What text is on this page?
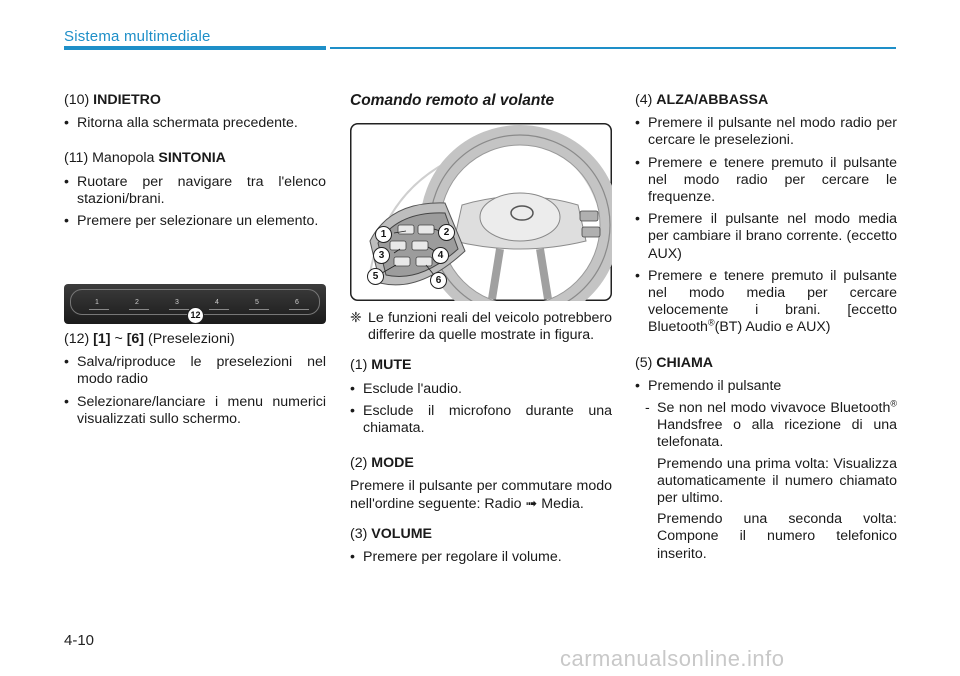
Sistema multimediale

(10) INDIETRO

• Ritorna alla schermata precedente.

(11) Manopola SINTONIA

• Ruotare per navigare tra l'elenco stazioni/brani.
• Premere per selezionare un elemento.
1	2	3	4	5	6
12

(12) [1] ~ [6] (Preselezioni)

• Salva/riproduce le preselezioni nel modo radio
• Selezionare/lanciare i menu numerici visualizzati sullo schermo.

Comando remoto al volante

1	2
3	4
5	6
❈ Le funzioni reali del veicolo potrebbero differire da quelle mostrate in figura.

(1) MUTE

• Esclude l'audio.
• Esclude il microfono durante una chiamata.

(2) MODE

Premere il pulsante per commutare modo nell'ordine seguente: Radio ➟ Media.

(3) VOLUME

• Premere per regolare il volume.

(4) ALZA/ABBASSA

• Premere il pulsante nel modo radio per cercare le preselezioni.
• Premere e tenere premuto il pulsante nel modo radio per cercare le frequenze.
• Premere il pulsante nel modo media per cambiare il brano corrente. (eccetto AUX)
• Premere e tenere premuto il pulsante nel modo media per cercare velocemente i brani. [eccetto Bluetooth®(BT) Audio e AUX)

(5) CHIAMA

• Premendo il pulsante

- Se non nel modo vivavoce Bluetooth® Handsfree o alla ricezione di una telefonata.

Premendo una prima volta: Visualizza automaticamente il numero chiamato per ultimo.

Premendo una seconda volta: Compone il numero telefonico inserito.

4-10
carmanualsonline.info
